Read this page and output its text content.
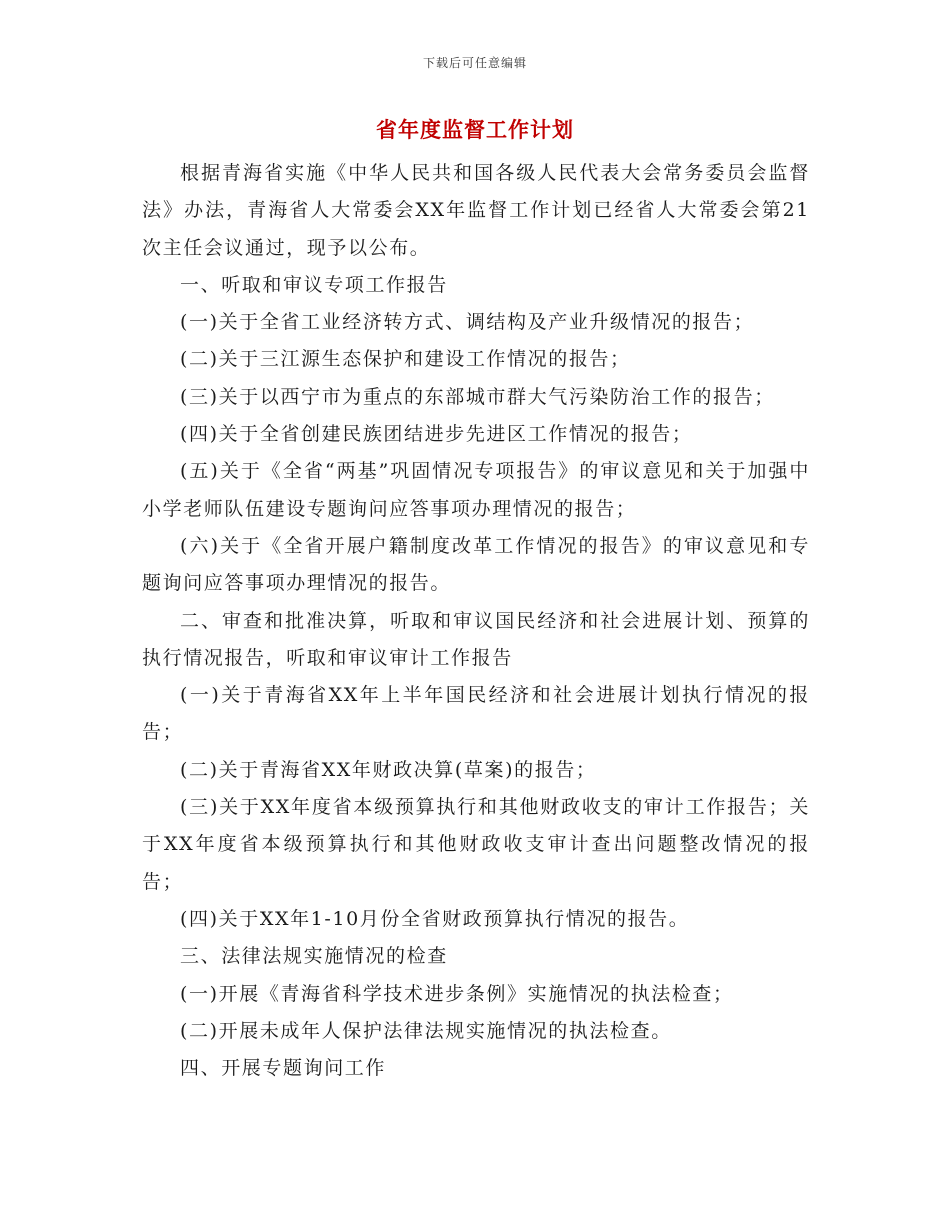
下载后可任意编辑
省年度监督工作计划

根据青海省实施《中华人民共和国各级人民代表大会常务委员会监督法》办法，青海省人大常委会XX年监督工作计划已经省人大常委会第21次主任会议通过，现予以公布。

一、听取和审议专项工作报告

(一)关于全省工业经济转方式、调结构及产业升级情况的报告；

(二)关于三江源生态保护和建设工作情况的报告；

(三)关于以西宁市为重点的东部城市群大气污染防治工作的报告；

(四)关于全省创建民族团结进步先进区工作情况的报告；

(五)关于《全省“两基”巩固情况专项报告》的审议意见和关于加强中小学老师队伍建设专题询问应答事项办理情况的报告；

(六)关于《全省开展户籍制度改革工作情况的报告》的审议意见和专题询问应答事项办理情况的报告。

二、审查和批准决算，听取和审议国民经济和社会进展计划、预算的执行情况报告，听取和审议审计工作报告

(一)关于青海省XX年上半年国民经济和社会进展计划执行情况的报告；

(二)关于青海省XX年财政决算(草案)的报告；

(三)关于XX年度省本级预算执行和其他财政收支的审计工作报告；关于XX年度省本级预算执行和其他财政收支审计查出问题整改情况的报告；

(四)关于XX年1-10月份全省财政预算执行情况的报告。

三、法律法规实施情况的检查

(一)开展《青海省科学技术进步条例》实施情况的执法检查；

(二)开展未成年人保护法律法规实施情况的执法检查。

四、开展专题询问工作
